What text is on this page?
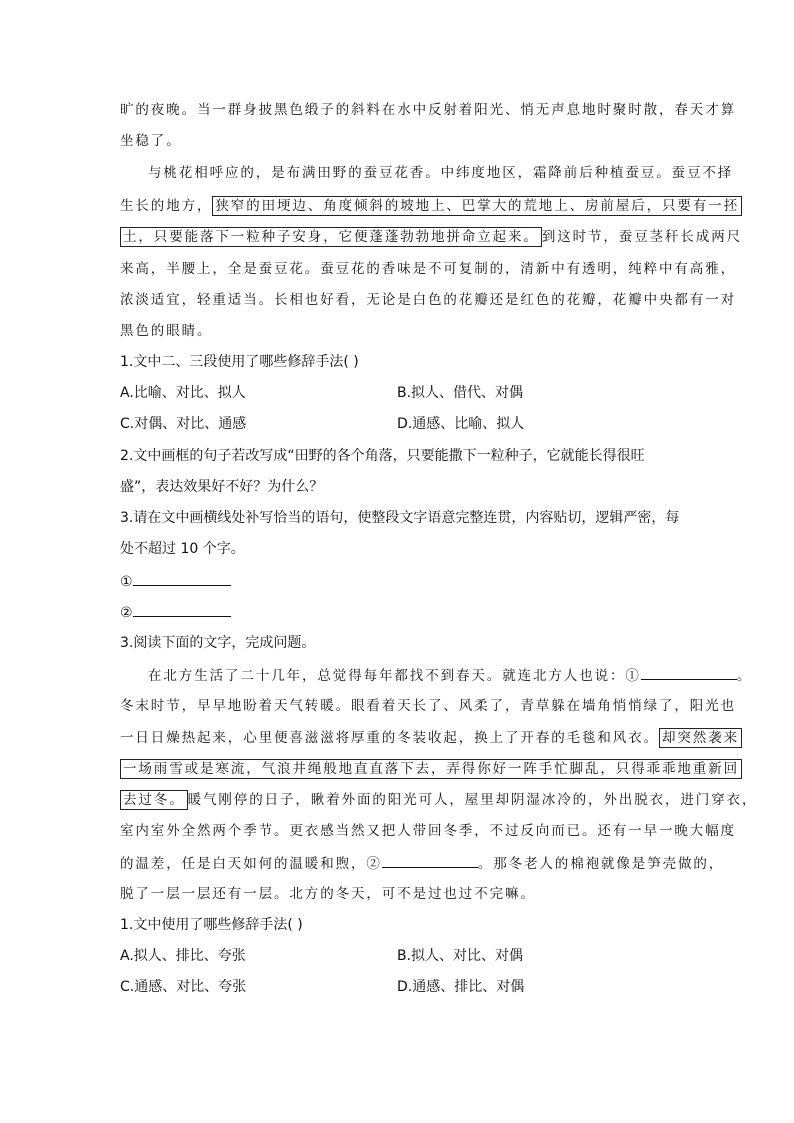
旷的夜晚。当一群身披黑色缎子的斜料在水中反射着阳光、悄无声息地时聚时散，春天才算
坐稳了。
与桃花相呼应的，是布满田野的蚕豆花香。中纬度地区，霜降前后种植蚕豆。蚕豆不择
生长的地方， 狭窄的田埂边、角度倾斜的坡地上、巴掌大的荒地上、房前屋后，只要有一抷
土，只要能落下一粒种子安身，它便蓬蓬勃勃地拼命立起来。 到这时节，蚕豆茎秆长成两尺
来高，半腰上，全是蚕豆花。蚕豆花的香味是不可复制的，清新中有透明，纯粹中有高雅，
浓淡适宜，轻重适当。长相也好看，无论是白色的花瓣还是红色的花瓣，花瓣中央都有一对
黑色的眼睛。
1.文中二、三段使用了哪些修辞手法( )
A.比喻、对比、拟人	B.拟人、借代、对偶
C.对偶、对比、通感	D.通感、比喻、拟人
2.文中画框的句子若改写成“田野的各个角落，只要能撒下一粒种子，它就能长得很旺
盛”，表达效果好不好？为什么？
3.请在文中画横线处补写恰当的语句，使整段文字语意完整连贯，内容贴切，逻辑严密，每
处不超过 10 个字。
①
②
3.阅读下面的文字，完成问题。
在北方生活了二十几年，总觉得每年都找不到春天。就连北方人也说：①	。
冬末时节，早早地盼着天气转暖。眼看着天长了、风柔了，青草躲在墙角悄悄绿了，阳光也
一日日燥热起来，心里便喜滋滋将厚重的冬装收起，换上了开春的毛毯和风衣。 却突然袭来
一场雨雪或是寒流，气浪井绳般地直直落下去，弄得你好一阵手忙脚乱，只得乖乖地重新回
去过冬。 暖气刚停的日子，瞅着外面的阳光可人，屋里却阴湿冰冷的，外出脱衣，进门穿衣，
室内室外全然两个季节。更衣感当然又把人带回冬季，不过反向而已。还有一早一晚大幅度
的温差，任是白天如何的温暖和煦，②	。那冬老人的棉袍就像是笋壳做的，
脱了一层一层还有一层。北方的冬天，可不是过也过不完嘛。
1.文中使用了哪些修辞手法( )
A.拟人、排比、夸张	B.拟人、对比、对偶
C.通感、对比、夸张	D.通感、排比、对偶
